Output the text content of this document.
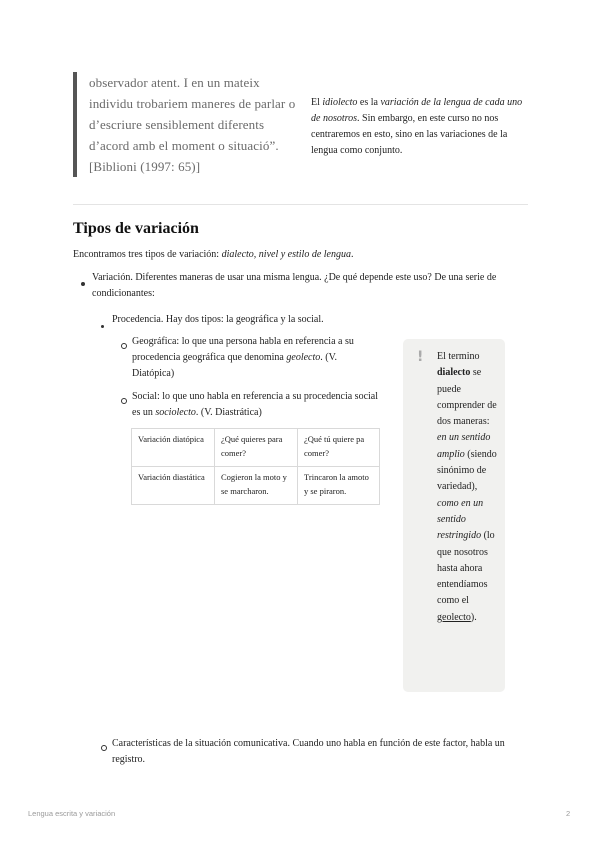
observador atent. I en un mateix individu trobariem maneres de parlar o d’escriure sensiblement diferents d’acord amb el moment o situació”. [Biblioni (1997: 65)]

El idiolecto es la variación de la lengua de cada uno de nosotros. Sin embargo, en este curso no nos centraremos en esto, sino en las variaciones de la lengua como conjunto.

Tipos de variación

Encontramos tres tipos de variación: dialecto, nivel y estilo de lengua.

Variación. Diferentes maneras de usar una misma lengua. ¿De qué depende este uso? De una serie de condicionantes:
Procedencia. Hay dos tipos: la geográfica y la social.
Geográfica: lo que una persona habla en referencia a su procedencia geográfica que denomina geolecto. (V. Diatópica)
Social: lo que uno habla en referencia a su procedencia social es un sociolecto. (V. Diastrática)
Variación diatópica	¿Qué quieres para comer?	¿Qué tú quiere pa comer?
Variación diastática	Cogieron la moto y se marcharon.	Trincaron la amoto y se piraron.
! El termino dialecto se puede comprender de dos maneras: en un sentido amplio (siendo sinónimo de variedad), como en un sentido restringido (lo que nosotros hasta ahora entendíamos como el geolecto).
Características de la situación comunicativa. Cuando uno habla en función de este factor, habla un registro.
Lengua escrita y variación	2
